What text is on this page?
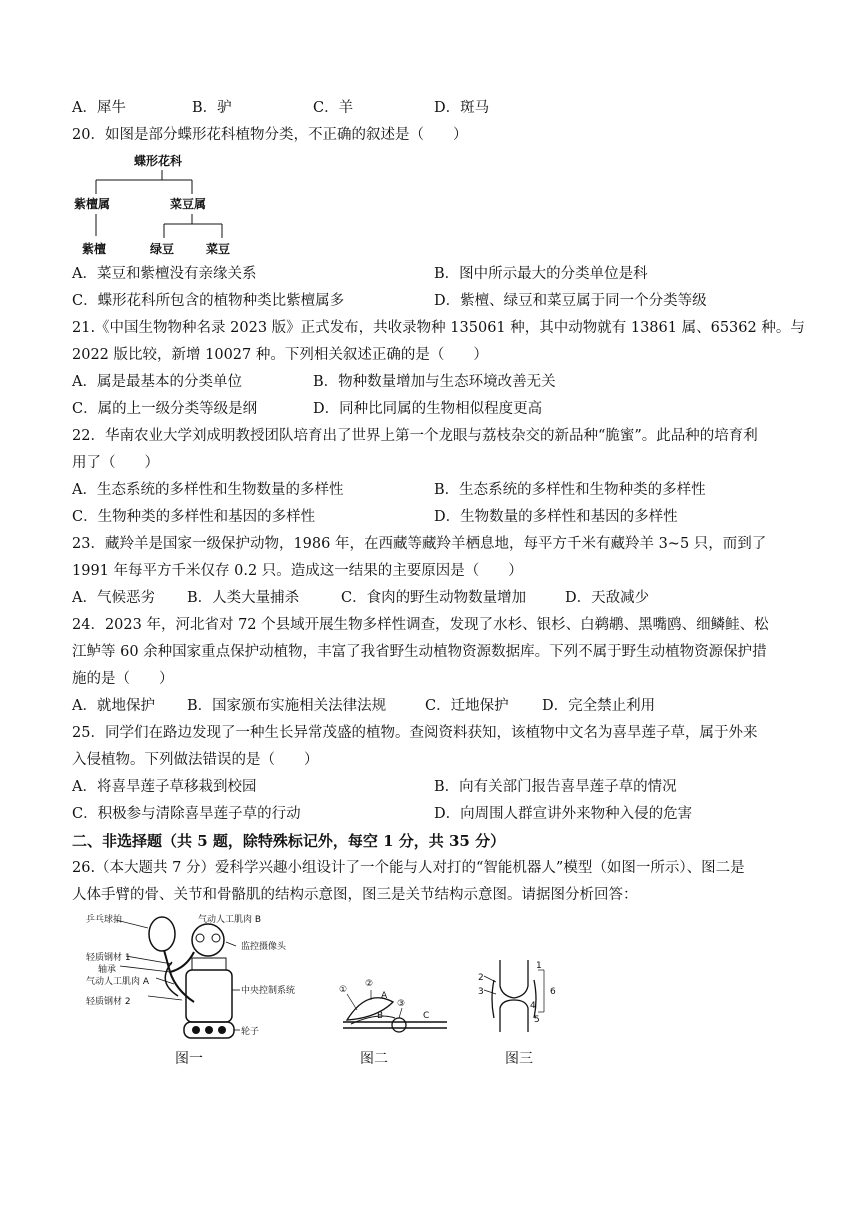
A．犀牛	B．驴	C．羊	D．斑马
20．如图是部分蝶形花科植物分类，不正确的叙述是（　　）
蝶形花科
紫檀属	菜豆属
紫檀	绿豆	菜豆
A．菜豆和紫檀没有亲缘关系	B．图中所示最大的分类单位是科
C．蝶形花科所包含的植物种类比紫檀属多	D．紫檀、绿豆和菜豆属于同一个分类等级
21.《中国生物物种名录 2023 版》正式发布，共收录物种 135061 种，其中动物就有 13861 属、65362 种。与
2022 版比较，新增 10027 种。下列相关叙述正确的是（　　）
A．属是最基本的分类单位	B．物种数量增加与生态环境改善无关
C．属的上一级分类等级是纲	D．同种比同属的生物相似程度更高
22．华南农业大学刘成明教授团队培育出了世界上第一个龙眼与荔枝杂交的新品种“脆蜜”。此品种的培育利
用了（　　）
A．生态系统的多样性和生物数量的多样性	B．生态系统的多样性和生物种类的多样性
C．生物种类的多样性和基因的多样性	D．生物数量的多样性和基因的多样性
23．藏羚羊是国家一级保护动物，1986 年，在西藏等藏羚羊栖息地，每平方千米有藏羚羊 3~5 只，而到了
1991 年每平方千米仅存 0.2 只。造成这一结果的主要原因是（　　）
A．气候恶劣 B．人类大量捕杀	C．食肉的野生动物数量增加	D．天敌减少
24．2023 年，河北省对 72 个县域开展生物多样性调查，发现了水杉、银杉、白鹈鹕、黑嘴鸥、细鳞鲑、松
江鲈等 60 余种国家重点保护动植物，丰富了我省野生动植物资源数据库。下列不属于野生动植物资源保护措
施的是（　　）
A．就地保护 B．国家颁布实施相关法律法规	C．迁地保护 D．完全禁止利用
25．同学们在路边发现了一种生长异常茂盛的植物。查阅资料获知，该植物中文名为喜旱莲子草，属于外来
入侵植物。下列做法错误的是（　　）
A．将喜旱莲子草移栽到校园	B．向有关部门报告喜旱莲子草的情况
C．积极参与清除喜旱莲子草的行动	D．向周围人群宣讲外来物种入侵的危害
二、非选择题（共 5 题，除特殊标记外，每空 1 分，共 35 分）
26.（本大题共 7 分）爱科学兴趣小组设计了一个能与人对打的“智能机器人”模型（如图一所示）、图二是
人体手臂的骨、关节和骨骼肌的结构示意图，图三是关节结构示意图。请据图分析回答：
乒乓球拍	气动人工肌肉 B
监控摄像头
轻质钢材 1
轴承
气动人工肌肉 A
中央控制系统
轻质钢材 2
轮子
①
②
A
B
③
C
2
3
1
6
4
5
图一	图二	图三
